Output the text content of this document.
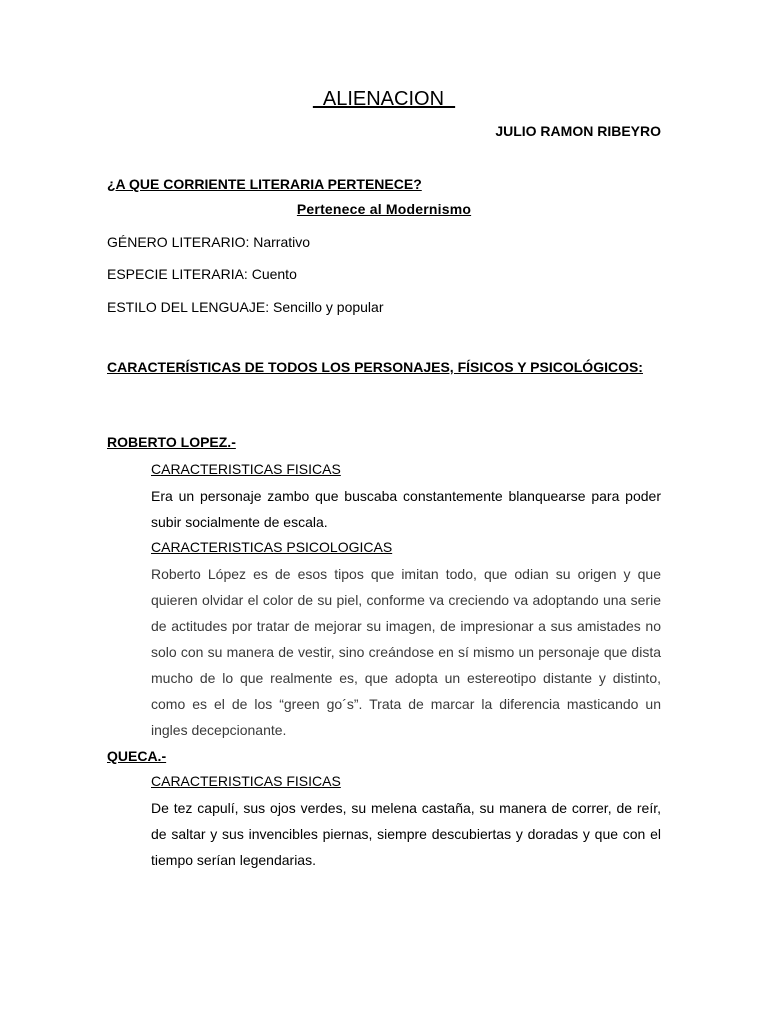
ALIENACION
JULIO RAMON RIBEYRO
¿A QUE CORRIENTE LITERARIA PERTENECE?
Pertenece al Modernismo
GÉNERO LITERARIO: Narrativo
ESPECIE LITERARIA: Cuento
ESTILO DEL LENGUAJE: Sencillo y popular
CARACTERÍSTICAS DE TODOS LOS PERSONAJES, FÍSICOS Y PSICOLÓGICOS:
ROBERTO LOPEZ.-
CARACTERISTICAS FISICAS
Era un personaje zambo que buscaba constantemente blanquearse para poder subir socialmente de escala.
CARACTERISTICAS PSICOLOGICAS
Roberto López es de esos tipos que imitan todo, que odian su origen y que quieren olvidar el color de su piel, conforme va creciendo va adoptando una serie de actitudes por tratar de mejorar su imagen, de impresionar a sus amistades no solo con su manera de vestir, sino creándose en sí mismo un personaje que dista mucho de lo que realmente es, que adopta un estereotipo distante y distinto, como es el de los “green go´s”. Trata de marcar la diferencia masticando un ingles decepcionante.
QUECA.-
CARACTERISTICAS FISICAS
De tez capulí, sus ojos verdes, su melena castaña, su manera de correr, de reír, de saltar y sus invencibles piernas, siempre descubiertas y doradas y que con el tiempo serían legendarias.
